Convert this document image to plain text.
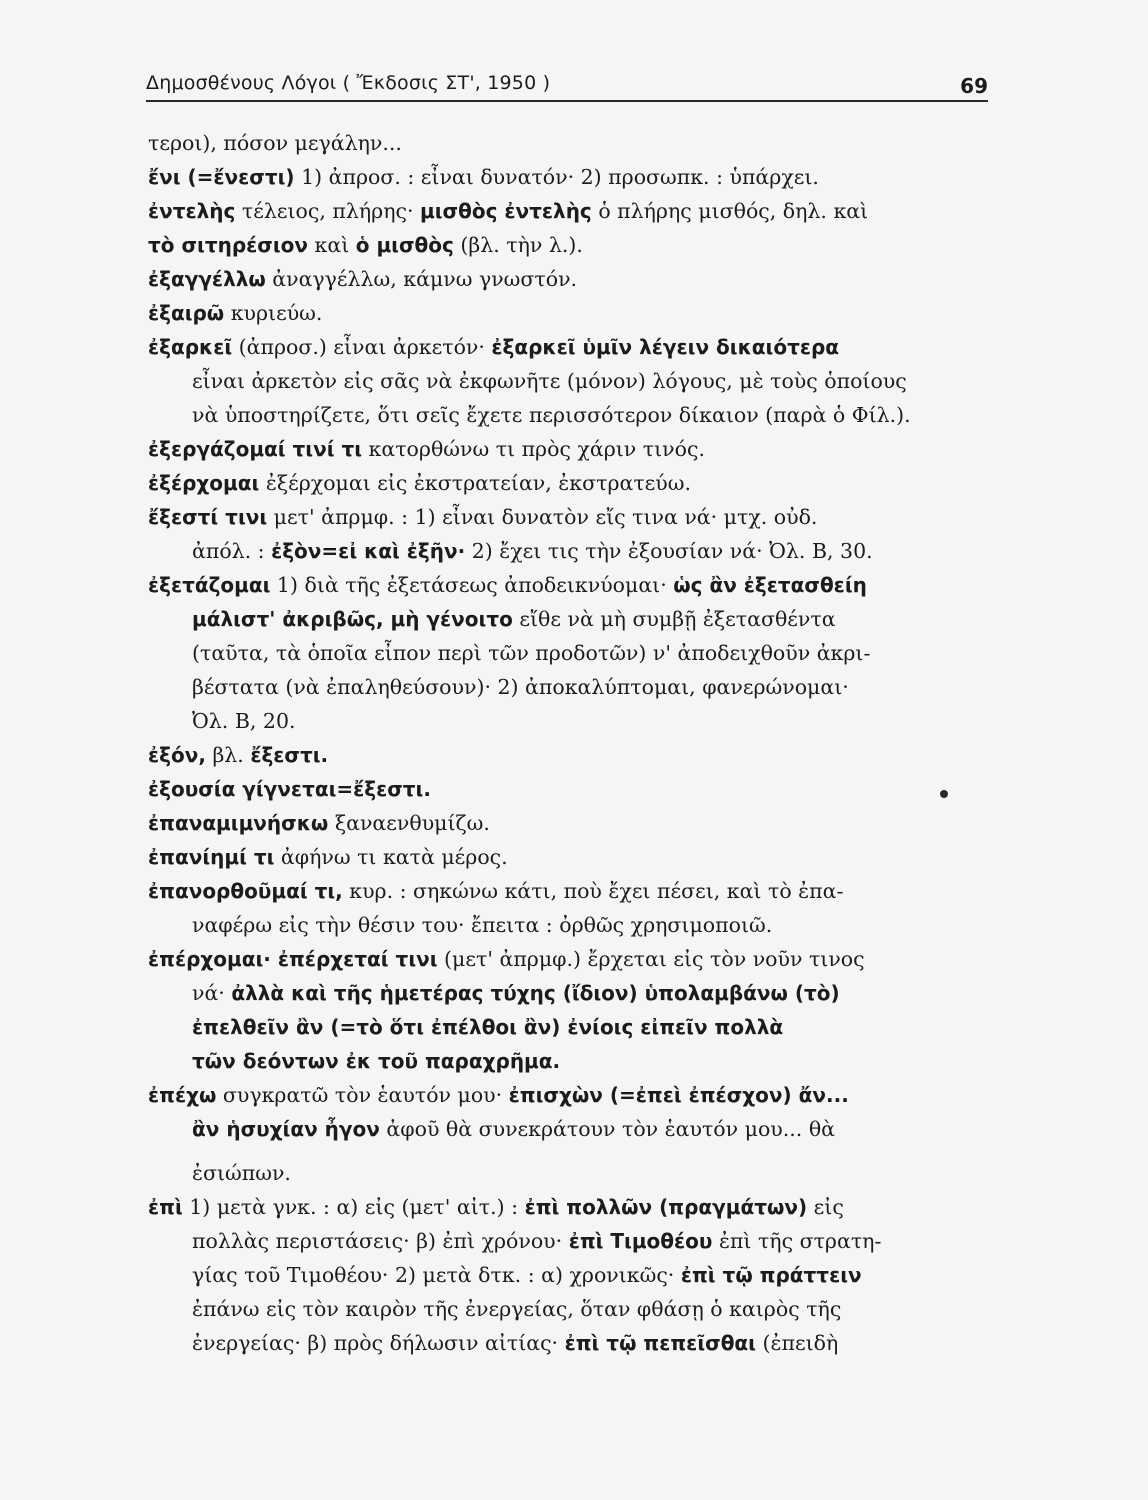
Δημοσθένους Λόγοι ( Ἔκδοσις ΣΤ', 1950 )	69
τεροι), πόσον μεγάλην...
ἔνι (=ἔνεστι) 1) ἀπροσ. : εἶναι δυνατόν· 2) προσωπκ. : ὑπάρχει.
ἐντελὴς τέλειος, πλήρης· μισθὸς ἐντελὴς ὁ πλήρης μισθός, δηλ. καὶ
τὸ σιτηρέσιον καὶ ὁ μισθὸς (βλ. τὴν λ.).
ἐξαγγέλλω ἀναγγέλλω, κάμνω γνωστόν.
ἐξαιρῶ κυριεύω.
ἐξαρκεῖ (ἀπροσ.) εἶναι ἀρκετόν· ἐξαρκεῖ ὑμῖν λέγειν δικαιότερα
εἶναι ἀρκετὸν εἰς σᾶς νὰ ἐκφωνῆτε (μόνον) λόγους, μὲ τοὺς ὁποίους
νὰ ὑποστηρίζετε, ὅτι σεῖς ἔχετε περισσότερον δίκαιον (παρὰ ὁ Φίλ.).
ἐξεργάζομαί τινί τι κατορθώνω τι πρὸς χάριν τινός.
ἐξέρχομαι ἐξέρχομαι εἰς ἐκστρατείαν, ἐκστρατεύω.
ἔξεστί τινι μετ' ἀπρμφ. : 1) εἶναι δυνατὸν εἴς τινα νά· μτχ. οὐδ.
ἀπόλ. : ἐξὸν=εἰ καὶ ἐξῆν· 2) ἔχει τις τὴν ἐξουσίαν νά· Ὀλ. Β, 30.
ἐξετάζομαι 1) διὰ τῆς ἐξετάσεως ἀποδεικνύομαι· ὡς ἂν ἐξετασθείη
μάλιστ' ἀκριβῶς, μὴ γένοιτο εἴθε νὰ μὴ συμβῇ ἐξετασθέντα
(ταῦτα, τὰ ὁποῖα εἶπον περὶ τῶν προδοτῶν) ν' ἀποδειχθοῦν ἀκρι-
βέστατα (νὰ ἐπαληθεύσουν)· 2) ἀποκαλύπτομαι, φανερώνομαι·
Ὀλ. Β, 20.
ἐξόν, βλ. ἔξεστι.
ἐξουσία γίγνεται=ἔξεστι.
ἐπαναμιμνήσκω ξαναενθυμίζω.
ἐπανίημί τι ἀφήνω τι κατὰ μέρος.
ἐπανορθοῦμαί τι, κυρ. : σηκώνω κάτι, ποὺ ἔχει πέσει, καὶ τὸ ἐπα-
ναφέρω εἰς τὴν θέσιν του· ἔπειτα : ὀρθῶς χρησιμοποιῶ.
ἐπέρχομαι· ἐπέρχεταί τινι (μετ' ἀπρμφ.) ἔρχεται εἰς τὸν νοῦν τινος
νά· ἀλλὰ καὶ τῆς ἡμετέρας τύχης (ἴδιον) ὑπολαμβάνω (τὸ)
ἐπελθεῖν ἂν (=τὸ ὅτι ἐπέλθοι ἂν) ἐνίοις εἰπεῖν πολλὰ
τῶν δεόντων ἐκ τοῦ παραχρῆμα.
ἐπέχω συγκρατῶ τὸν ἑαυτόν μου· ἐπισχὼν (=ἐπεὶ ἐπέσχον) ἄν...
ἂν ἡσυχίαν ἦγον ἀφοῦ θὰ συνεκράτουν τὸν ἑαυτόν μου... θὰ
ἐσιώπων.
ἐπὶ 1) μετὰ γνκ. : α) εἰς (μετ' αἰτ.) : ἐπὶ πολλῶν (πραγμάτων) εἰς
πολλὰς περιστάσεις· β) ἐπὶ χρόνου· ἐπὶ Τιμοθέου ἐπὶ τῆς στρατη-
γίας τοῦ Τιμοθέου· 2) μετὰ δτκ. : α) χρονικῶς· ἐπὶ τῷ πράττειν
ἐπάνω εἰς τὸν καιρὸν τῆς ἐνεργείας, ὅταν φθάσῃ ὁ καιρὸς τῆς
ἐνεργείας· β) πρὸς δήλωσιν αἰτίας· ἐπὶ τῷ πεπεῖσθαι (ἐπειδὴ
